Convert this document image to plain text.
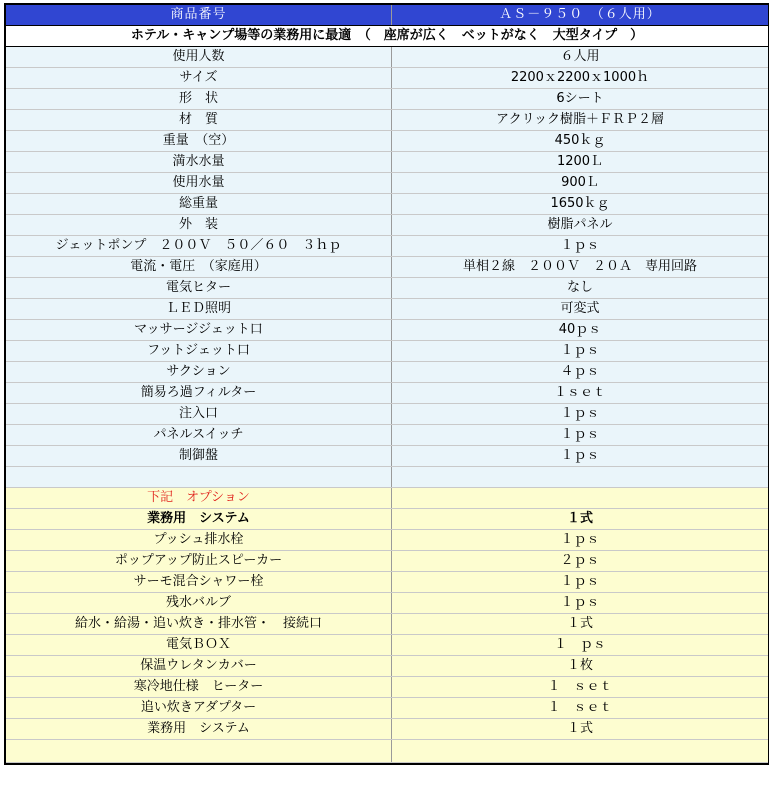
商品番号	ＡＳ－９５０　（６人用）
ホテル・キャンプ場等の業務用に最適　（　座席が広く　ベットがなく　大型タイプ　）	
使用人数	６人用
サイズ	2200ｘ2200ｘ1000ｈ
形　状	6シート
材　質	アクリック樹脂＋ＦＲＰ２層
重量　（空）	450ｋｇ
満水水量	1200Ｌ
使用水量	900Ｌ
総重量	1650ｋｇ
外　装	樹脂パネル
ジェットポンプ　２００Ｖ　５０／６０　３ｈｐ	１ｐｓ
電流・電圧　（家庭用）	単相２線　２００Ｖ　２０Ａ　専用回路
電気ヒター	なし
ＬＥＤ照明	可変式
マッサージジェット口	40ｐｓ
フットジェット口	１ｐｓ
サクション	４ｐｓ
簡易ろ過フィルター	１ｓｅｔ
注入口	１ｐｓ
パネルスイッチ	１ｐｓ
制御盤	１ｐｓ

下記　オプション	
業務用　システム	１式
プッシュ排水栓	１ｐｓ
ポップアップ防止スピーカー	２ｐｓ
サーモ混合シャワー栓	１ｐｓ
残水バルブ	１ｐｓ
給水・給湯・追い炊き・排水管・　接続口	１式
電気ＢＯＸ	１　ｐｓ
保温ウレタンカバー	１枚
寒冷地仕様　ヒーター	１　ｓｅｔ
追い炊きアダプター	１　ｓｅｔ
業務用　システム	１式
